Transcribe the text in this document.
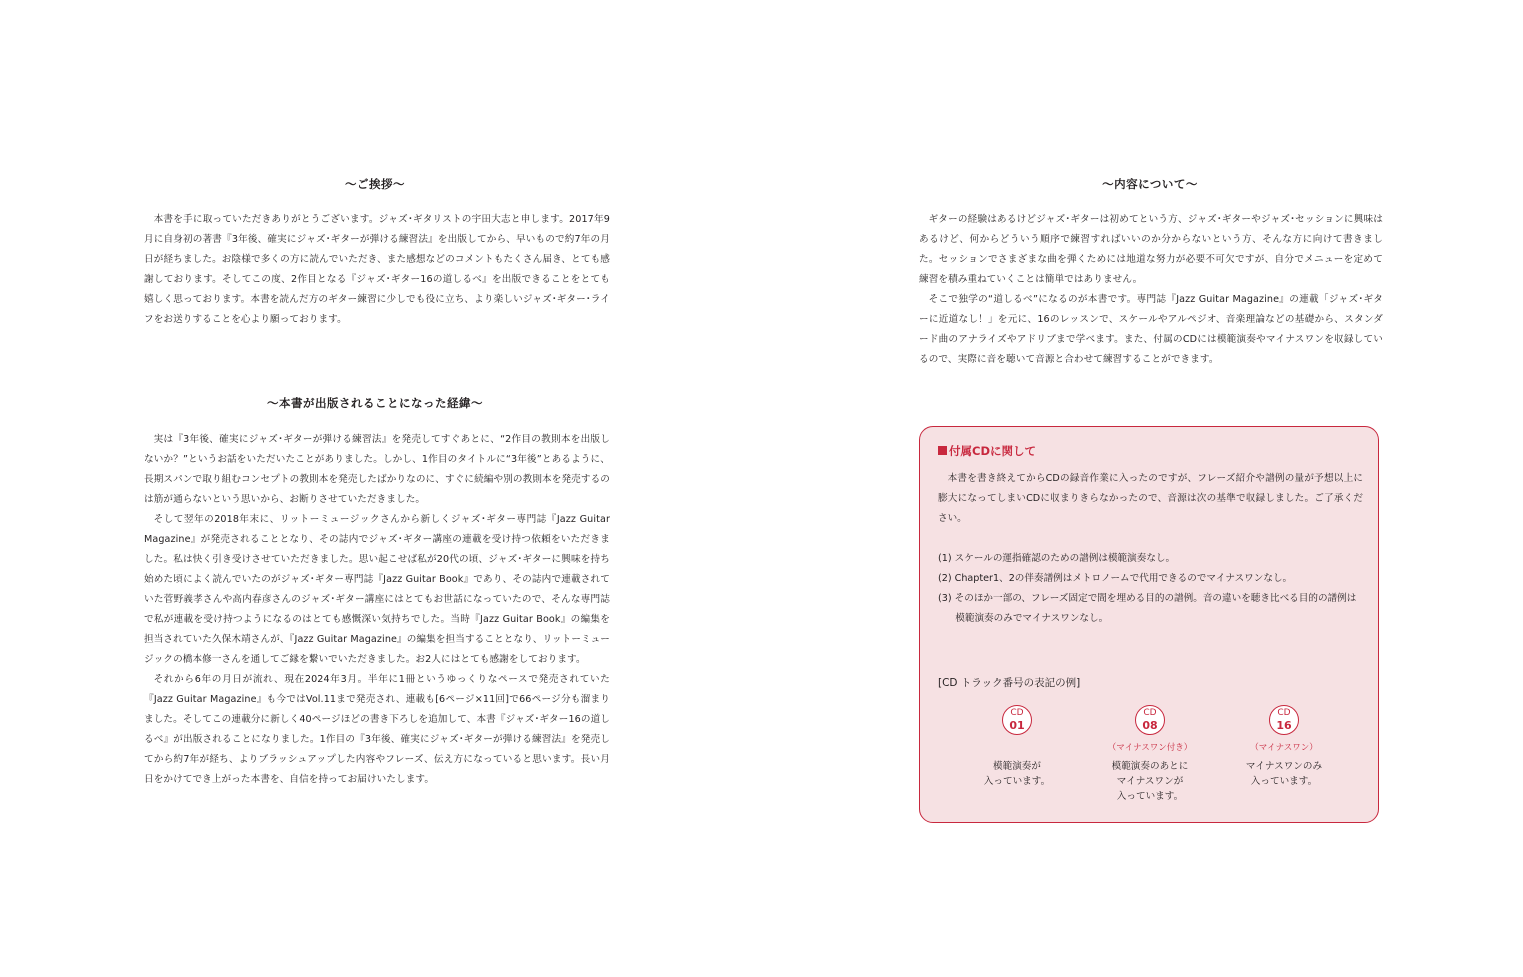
～ご挨拶～

本書を手に取っていただきありがとうございます。ジャズ･ギタリストの宇田大志と申します。2017年9月に自身初の著書『3年後、確実にジャズ･ギターが弾ける練習法』を出版してから、早いもので約7年の月日が経ちました。お陰様で多くの方に読んでいただき、また感想などのコメントもたくさん届き、とても感謝しております。そしてこの度、2作目となる『ジャズ･ギター16の道しるべ』を出版できることをとても嬉しく思っております。本書を読んだ方のギター練習に少しでも役に立ち、より楽しいジャズ･ギター･ライフをお送りすることを心より願っております。

～本書が出版されることになった経緯～

実は『3年後、確実にジャズ･ギターが弾ける練習法』を発売してすぐあとに、“2作目の教則本を出版しないか？”というお話をいただいたことがありました。しかし、1作目のタイトルに“3年後”とあるように、長期スパンで取り組むコンセプトの教則本を発売したばかりなのに、すぐに続編や別の教則本を発売するのは筋が通らないという思いから、お断りさせていただきました。

そして翌年の2018年末に、リットーミュージックさんから新しくジャズ･ギター専門誌『Jazz Guitar Magazine』が発売されることとなり、その誌内でジャズ･ギター講座の連載を受け持つ依頼をいただきました。私は快く引き受けさせていただきました。思い起こせば私が20代の頃、ジャズ･ギターに興味を持ち始めた頃によく読んでいたのがジャズ･ギター専門誌『Jazz Guitar Book』であり、その誌内で連載されていた菅野義孝さんや高内春彦さんのジャズ･ギター講座にはとてもお世話になっていたので、そんな専門誌で私が連載を受け持つようになるのはとても感慨深い気持ちでした。当時『Jazz Guitar Book』の編集を担当されていた久保木靖さんが、『Jazz Guitar Magazine』の編集を担当することとなり、リットーミュージックの橋本修一さんを通してご縁を繋いでいただきました。お2人にはとても感謝をしております。

それから6年の月日が流れ、現在2024年3月。半年に1冊というゆっくりなペースで発売されていた『Jazz Guitar Magazine』も今ではVol.11まで発売され、連載も[6ページ×11回]で66ページ分も溜まりました。そしてこの連載分に新しく40ページほどの書き下ろしを追加して、本書『ジャズ･ギター16の道しるべ』が出版されることになりました。1作目の『3年後、確実にジャズ･ギターが弾ける練習法』を発売してから約7年が経ち、よりブラッシュアップした内容やフレーズ、伝え方になっていると思います。長い月日をかけてでき上がった本書を、自信を持ってお届けいたします。

～内容について～

ギターの経験はあるけどジャズ･ギターは初めてという方、ジャズ･ギターやジャズ･セッションに興味はあるけど、何からどういう順序で練習すればいいのか分からないという方、そんな方に向けて書きました。セッションでさまざまな曲を弾くためには地道な努力が必要不可欠ですが、自分でメニューを定めて練習を積み重ねていくことは簡単ではありません。

そこで独学の“道しるべ”になるのが本書です。専門誌『Jazz Guitar Magazine』の連載「ジャズ･ギターに近道なし！」を元に、16のレッスンで、スケールやアルペジオ、音楽理論などの基礎から、スタンダード曲のアナライズやアドリブまで学べます。また、付属のCDには模範演奏やマイナスワンを収録しているので、実際に音を聴いて音源と合わせて練習することができます。

付属CDに関して

本書を書き終えてからCDの録音作業に入ったのですが、フレーズ紹介や譜例の量が予想以上に膨大になってしまいCDに収まりきらなかったので、音源は次の基準で収録しました。ご了承ください。

(1) スケールの運指確認のための譜例は模範演奏なし。
(2) Chapter1、2の伴奏譜例はメトロノームで代用できるのでマイナスワンなし。
(3) そのほか一部の、フレーズ固定で間を埋める目的の譜例。音の違いを聴き比べる目的の譜例は模範演奏のみでマイナスワンなし。
[CD トラック番号の表記の例]
CD
01
模範演奏が
入っています。
CD
08
（マイナスワン付き）
模範演奏のあとに
マイナスワンが
入っています。
CD
16
（マイナスワン）
マイナスワンのみ
入っています。
